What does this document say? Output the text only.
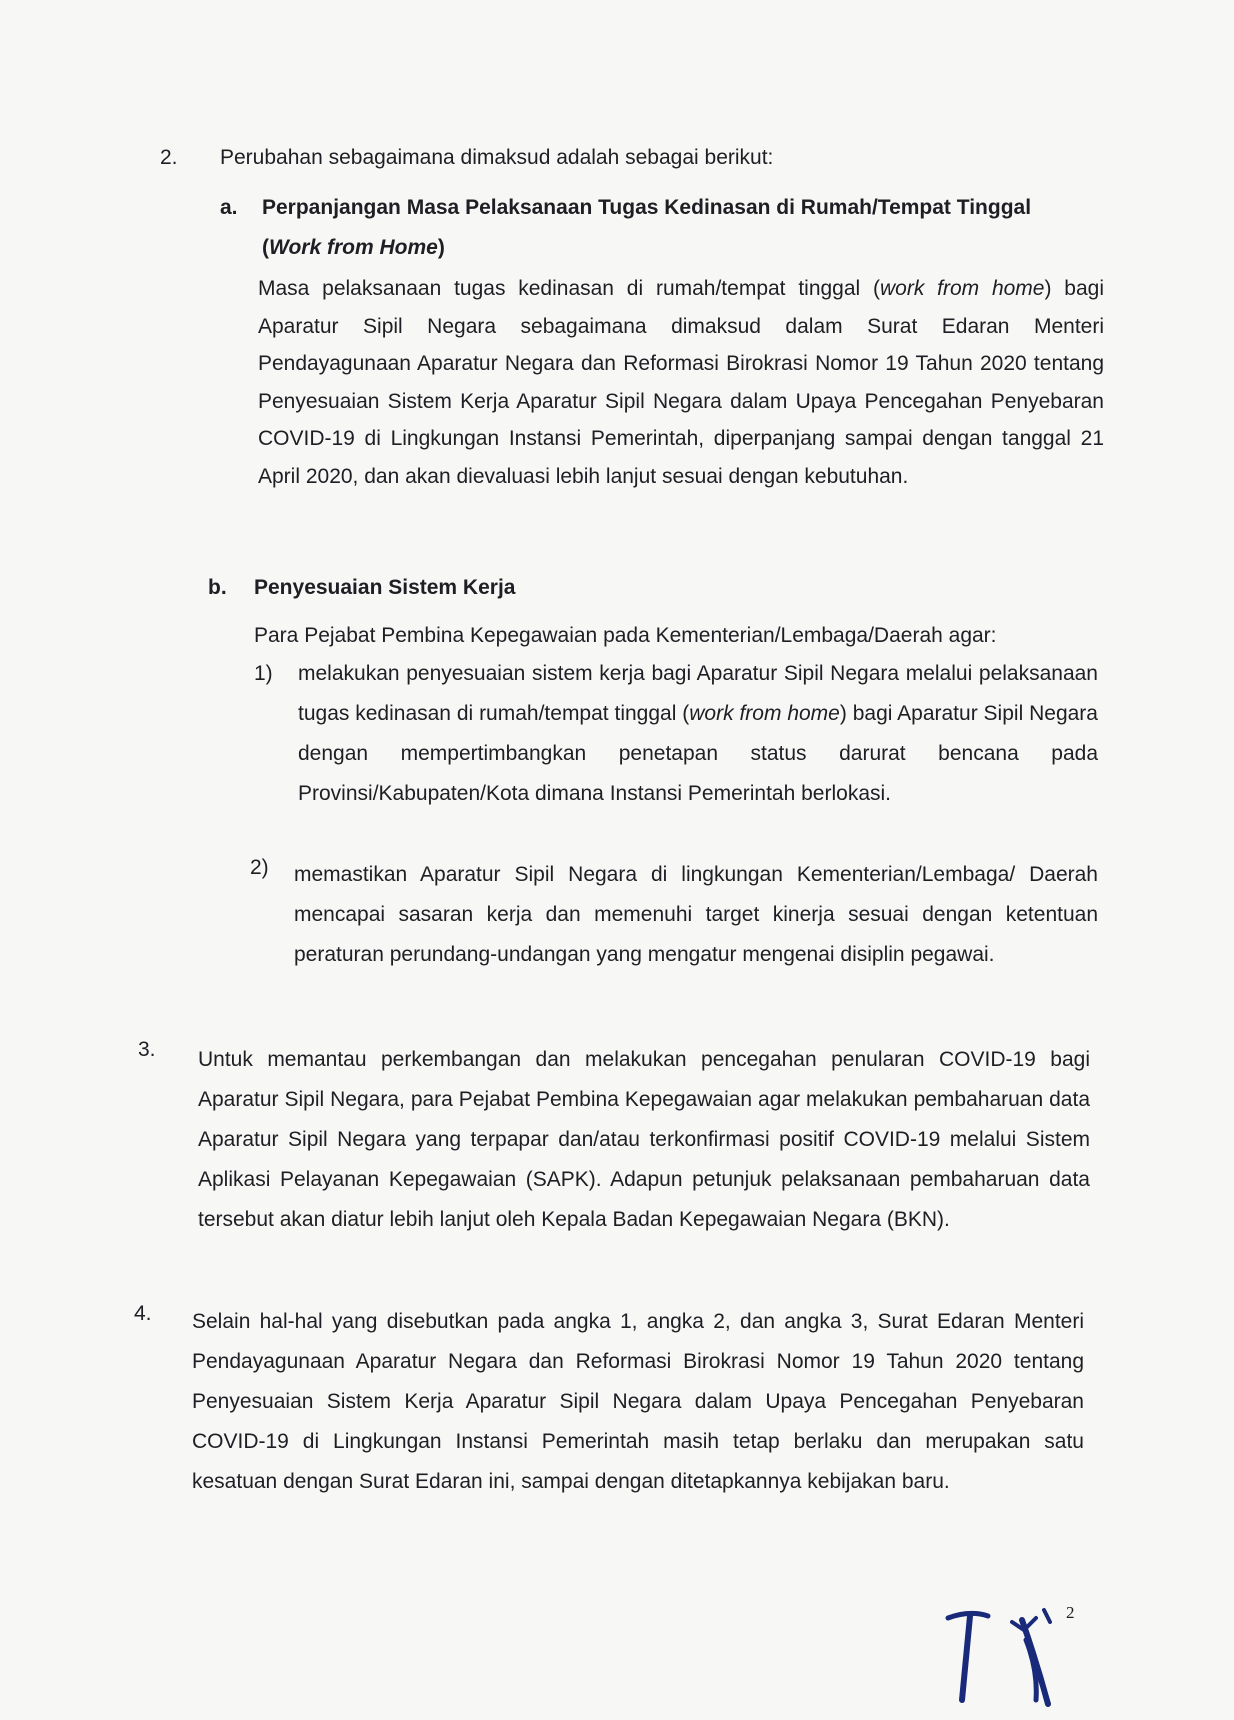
2. Perubahan sebagaimana dimaksud adalah sebagai berikut:
a. Perpanjangan Masa Pelaksanaan Tugas Kedinasan di Rumah/Tempat Tinggal
(Work from Home)
Masa pelaksanaan tugas kedinasan di rumah/tempat tinggal (work from home) bagi Aparatur Sipil Negara sebagaimana dimaksud dalam Surat Edaran Menteri Pendayagunaan Aparatur Negara dan Reformasi Birokrasi Nomor 19 Tahun 2020 tentang Penyesuaian Sistem Kerja Aparatur Sipil Negara dalam Upaya Pencegahan Penyebaran COVID-19 di Lingkungan Instansi Pemerintah, diperpanjang sampai dengan tanggal 21 April 2020, dan akan dievaluasi lebih lanjut sesuai dengan kebutuhan.
b. Penyesuaian Sistem Kerja
Para Pejabat Pembina Kepegawaian pada Kementerian/Lembaga/Daerah agar:
1) melakukan penyesuaian sistem kerja bagi Aparatur Sipil Negara melalui pelaksanaan tugas kedinasan di rumah/tempat tinggal (work from home) bagi Aparatur Sipil Negara dengan mempertimbangkan penetapan status darurat bencana pada Provinsi/Kabupaten/Kota dimana Instansi Pemerintah berlokasi.
2) memastikan Aparatur Sipil Negara di lingkungan Kementerian/Lembaga/ Daerah mencapai sasaran kerja dan memenuhi target kinerja sesuai dengan ketentuan peraturan perundang-undangan yang mengatur mengenai disiplin pegawai.
3. Untuk memantau perkembangan dan melakukan pencegahan penularan COVID-19 bagi Aparatur Sipil Negara, para Pejabat Pembina Kepegawaian agar melakukan pembaharuan data Aparatur Sipil Negara yang terpapar dan/atau terkonfirmasi positif COVID-19 melalui Sistem Aplikasi Pelayanan Kepegawaian (SAPK). Adapun petunjuk pelaksanaan pembaharuan data tersebut akan diatur lebih lanjut oleh Kepala Badan Kepegawaian Negara (BKN).
4. Selain hal-hal yang disebutkan pada angka 1, angka 2, dan angka 3, Surat Edaran Menteri Pendayagunaan Aparatur Negara dan Reformasi Birokrasi Nomor 19 Tahun 2020 tentang Penyesuaian Sistem Kerja Aparatur Sipil Negara dalam Upaya Pencegahan Penyebaran COVID-19 di Lingkungan Instansi Pemerintah masih tetap berlaku dan merupakan satu kesatuan dengan Surat Edaran ini, sampai dengan ditetapkannya kebijakan baru.
2
